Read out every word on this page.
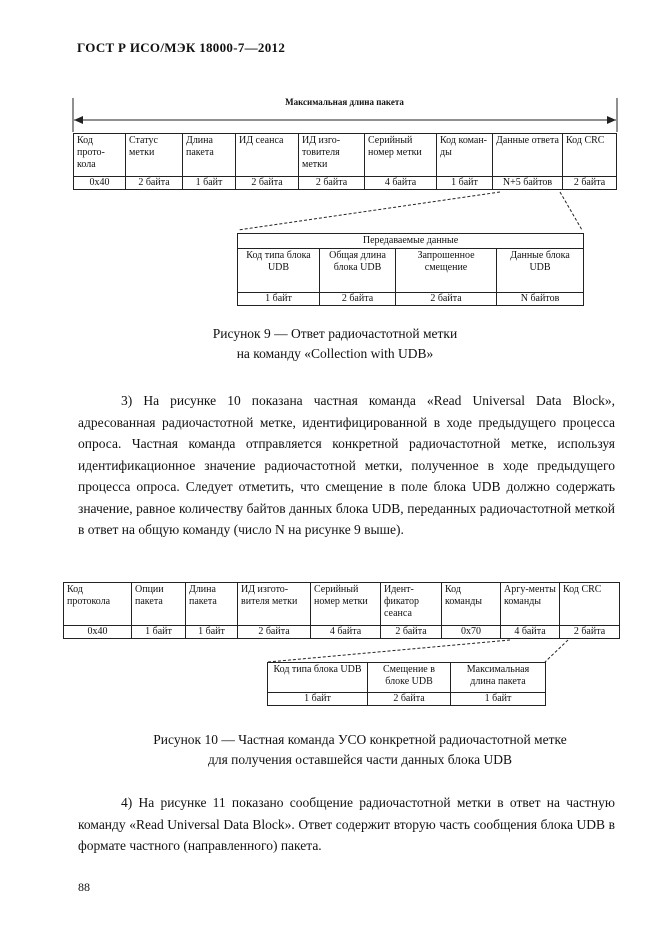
ГОСТ Р ИСО/МЭК 18000-7—2012
Максимальная длина пакета
Код прото-кола	Статус метки	Длина пакета	ИД сеанса	ИД изго-товителя метки	Серийный номер метки	Код коман-ды	Данные ответа	Код CRC
0x40	2 байта	1 байт	2 байта	2 байта	4 байта	1 байт	N+5 байтов	2 байта
Передаваемые данные			
Код типа блока UDB	Общая длина блока UDB	Запрошенное смещение	Данные блока UDB
1 байт	2 байта	2 байта	N байтов
Рисунок 9 — Ответ радиочастотной метки
на команду «Collection with UDB»
3) На рисунке 10 показана частная команда «Read Universal Data Block», адресованная радиочастотной метке, идентифицированной в ходе предыдущего процесса опроса. Частная команда отправляется конкретной радиочастотной метке, используя идентификационное значение радиочастотной метки, полученное в ходе предыдущего процесса опроса. Следует отметить, что смещение в поле блока UDB должно содержать значение, равное количеству байтов данных блока UDB, переданных радиочастотной меткой в ответ на общую команду (число N на рисунке 9 выше).
Код протокола	Опции пакета	Длина пакета	ИД изгото-вителя метки	Серийный номер метки	Идент-фикатор сеанса	Код команды	Аргу-менты команды	Код CRC
0x40	1 байт	1 байт	2 байта	4 байта	2 байта	0x70	4 байта	2 байта
Код типа блока UDB	Смещение в блоке UDB	Максимальная длина пакета
1 байт	2 байта	1 байт
Рисунок 10 — Частная команда УСО конкретной радиочастотной метке
для получения оставшейся части данных блока UDB
4) На рисунке 11 показано сообщение радиочастотной метки в ответ на частную команду «Read Universal Data Block». Ответ содержит вторую часть сообщения блока UDB в формате частного (направленного) пакета.
88
